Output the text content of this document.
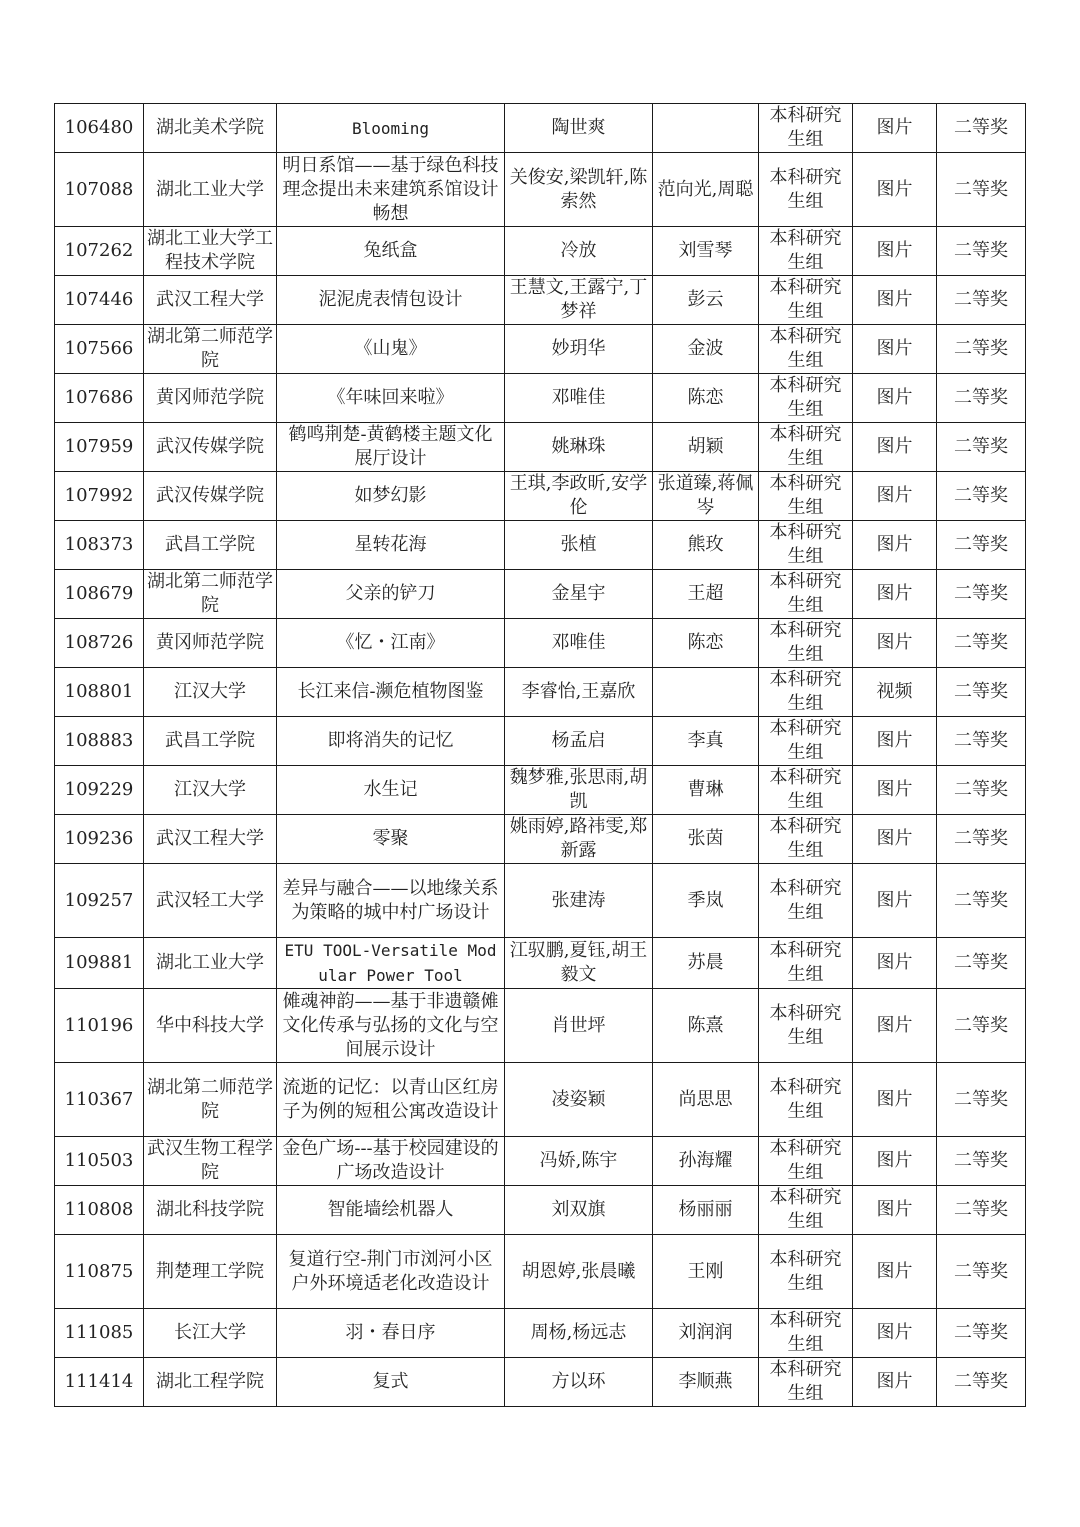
106480	湖北美术学院	Blooming	陶世爽		本科研究生组	图片	二等奖
107088	湖北工业大学	明日系馆——基于绿色科技理念提出未来建筑系馆设计畅想	关俊安,梁凯轩,陈索然	范向光,周聪	本科研究生组	图片	二等奖
107262	湖北工业大学工程技术学院	兔纸盒	冷放	刘雪琴	本科研究生组	图片	二等奖
107446	武汉工程大学	泥泥虎表情包设计	王慧文,王露宁,丁梦祥	彭云	本科研究生组	图片	二等奖
107566	湖北第二师范学院	《山鬼》	妙玥华	金波	本科研究生组	图片	二等奖
107686	黄冈师范学院	《年味回来啦》	邓唯佳	陈恋	本科研究生组	图片	二等奖
107959	武汉传媒学院	鹤鸣荆楚-黄鹤楼主题文化展厅设计	姚琳珠	胡颖	本科研究生组	图片	二等奖
107992	武汉传媒学院	如梦幻影	王琪,李政昕,安学伦	张道臻,蒋佩岑	本科研究生组	图片	二等奖
108373	武昌工学院	星转花海	张植	熊玫	本科研究生组	图片	二等奖
108679	湖北第二师范学院	父亲的铲刀	金星宇	王超	本科研究生组	图片	二等奖
108726	黄冈师范学院	《忆・江南》	邓唯佳	陈恋	本科研究生组	图片	二等奖
108801	江汉大学	长江来信-濒危植物图鉴	李睿怡,王嘉欣		本科研究生组	视频	二等奖
108883	武昌工学院	即将消失的记忆	杨孟启	李真	本科研究生组	图片	二等奖
109229	江汉大学	水生记	魏梦雅,张思雨,胡凯	曹琳	本科研究生组	图片	二等奖
109236	武汉工程大学	零聚	姚雨婷,路祎雯,郑新露	张茵	本科研究生组	图片	二等奖
109257	武汉轻工大学	差异与融合——以地缘关系为策略的城中村广场设计	张建涛	季岚	本科研究生组	图片	二等奖
109881	湖北工业大学	ETU TOOL-Versatile Modular Power Tool	江驭鹏,夏钰,胡王毅文	苏晨	本科研究生组	图片	二等奖
110196	华中科技大学	傩魂神韵——基于非遗赣傩文化传承与弘扬的文化与空间展示设计	肖世坪	陈熹	本科研究生组	图片	二等奖
110367	湖北第二师范学院	流逝的记忆：以青山区红房子为例的短租公寓改造设计	凌姿颖	尚思思	本科研究生组	图片	二等奖
110503	武汉生物工程学院	金色广场---基于校园建设的广场改造设计	冯娇,陈宇	孙海耀	本科研究生组	图片	二等奖
110808	湖北科技学院	智能墙绘机器人	刘双旗	杨丽丽	本科研究生组	图片	二等奖
110875	荆楚理工学院	复道行空-荆门市浏河小区户外环境适老化改造设计	胡恩婷,张晨曦	王刚	本科研究生组	图片	二等奖
111085	长江大学	羽・春日序	周杨,杨远志	刘润润	本科研究生组	图片	二等奖
111414	湖北工程学院	复式	方以环	李顺燕	本科研究生组	图片	二等奖
